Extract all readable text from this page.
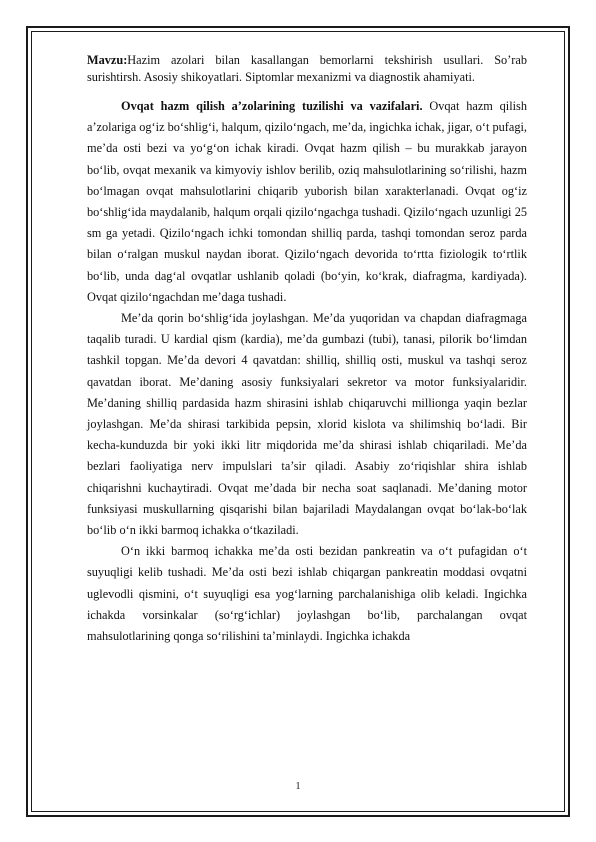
Mavzu:Hazim azolari bilan kasallangan bemorlarni tekshirish usullari. So’rab surishtirsh. Asosiy shikoyatlari. Siptomlar mexanizmi va diagnostik ahamiyati.

Ovqat hazm qilish a’zolarining tuzilishi va vazifalari. Ovqat hazm qilish a’zolariga og‘iz bo‘shlig‘i, halqum, qizilo‘ngach, me’da, ingichka ichak, jigar, o‘t pufagi, me’da osti bezi va yo‘g‘on ichak kiradi. Ovqat hazm qilish – bu murakkab jarayon bo‘lib, ovqat mexanik va kimyoviy ishlov berilib, oziq mahsulotlarining so‘rilishi, hazm bo‘lmagan ovqat mahsulotlarini chiqarib yuborish bilan xarakterlanadi. Ovqat og‘iz bo‘shlig‘ida maydalanib, halqum orqali qizilo‘ngachga tushadi. Qizilo‘ngach uzunligi 25 sm ga yetadi. Qizilo‘ngach ichki tomondan shilliq parda, tashqi tomondan seroz parda bilan o‘ralgan muskul naydan iborat. Qizilo‘ngach devorida to‘rtta fiziologik to‘rtlik bo‘lib, unda dag‘al ovqatlar ushlanib qoladi (bo‘yin, ko‘krak, diafragma, kardiyada). Ovqat qizilo‘ngachdan me’daga tushadi.

Me’da qorin bo‘shlig‘ida joylashgan. Me’da yuqoridan va chapdan diafragmaga taqalib turadi. U kardial qism (kardia), me’da gumbazi (tubi), tanasi, pilorik bo‘limdan tashkil topgan. Me’da devori 4 qavatdan: shilliq, shilliq osti, muskul va tashqi seroz qavatdan iborat. Me’daning asosiy funksiyalari sekretor va motor funksiyalaridir. Me’daning shilliq pardasida hazm shirasini ishlab chiqaruvchi millionga yaqin bezlar joylashgan. Me’da shirasi tarkibida pepsin, xlorid kislota va shilimshiq bo‘ladi. Bir kecha-kunduzda bir yoki ikki litr miqdorida me’da shirasi ishlab chiqariladi. Me’da bezlari faoliyatiga nerv impulslari ta’sir qiladi. Asabiy zo‘riqishlar shira ishlab chiqarishni kuchaytiradi. Ovqat me’dada bir necha soat saqlanadi. Me’daning motor funksiyasi muskullarning qisqarishi bilan bajariladi Maydalangan ovqat bo‘lak-bo‘lak bo‘lib o‘n ikki barmoq ichakka o‘tkaziladi.

O‘n ikki barmoq ichakka me’da osti bezidan pankreatin va o‘t pufagidan o‘t suyuqligi kelib tushadi. Me’da osti bezi ishlab chiqargan pankreatin moddasi ovqatni uglevodli qismini, o‘t suyuqligi esa yog‘larning parchalanishiga olib keladi. Ingichka ichakda vorsinkalar (so‘rg‘ichlar) joylashgan bo‘lib, parchalangan ovqat mahsulotlarining qonga so‘rilishini ta’minlaydi. Ingichka ichakda

1
